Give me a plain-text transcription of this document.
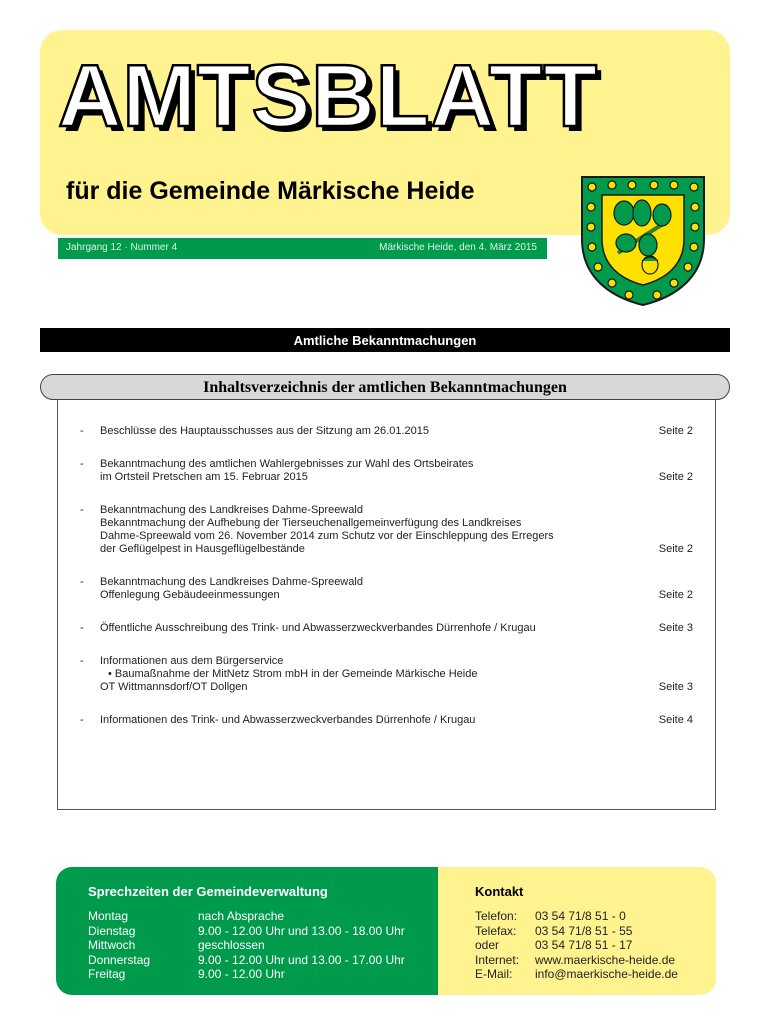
AMTSBLATT
für die Gemeinde Märkische Heide
Jahrgang 12 · Nummer 4	Märkische Heide, den 4. März 2015
Amtliche Bekanntmachungen
Inhaltsverzeichnis der amtlichen Bekanntmachungen
- Beschlüsse des Hauptausschusses aus der Sitzung am 26.01.2015	Seite 2
- Bekanntmachung des amtlichen Wahlergebnisses zur Wahl des Ortsbeirates
im Ortsteil Pretschen am 15. Februar 2015	Seite 2
- Bekanntmachung des Landkreises Dahme-Spreewald
Bekanntmachung der Aufhebung der Tierseuchenallgemeinverfügung des Landkreises
Dahme-Spreewald vom 26. November 2014 zum Schutz vor der Einschleppung des Erregers
der Geflügelpest in Hausgeflügelbestände	Seite 2
- Bekanntmachung des Landkreises Dahme-Spreewald
Offenlegung Gebäudeeinmessungen	Seite 2
- Öffentliche Ausschreibung des Trink- und Abwasserzweckverbandes Dürrenhofe / Krugau	Seite 3
- Informationen aus dem Bürgerservice
• Baumaßnahme der MitNetz Strom mbH in der Gemeinde Märkische Heide
OT Wittmannsdorf/OT Dollgen	Seite 3
- Informationen des Trink- und Abwasserzweckverbandes Dürrenhofe / Krugau	Seite 4
Sprechzeiten der Gemeindeverwaltung
Montag	nach Absprache
Dienstag	9.00 - 12.00 Uhr und 13.00 - 18.00 Uhr
Mittwoch	geschlossen
Donnerstag	9.00 - 12.00 Uhr und 13.00 - 17.00 Uhr
Freitag	9.00 - 12.00 Uhr
Kontakt
Telefon:	03 54 71/8 51 - 0
Telefax:	03 54 71/8 51 - 55
oder	03 54 71/8 51 - 17
Internet:	www.maerkische-heide.de
E-Mail:	info@maerkische-heide.de
